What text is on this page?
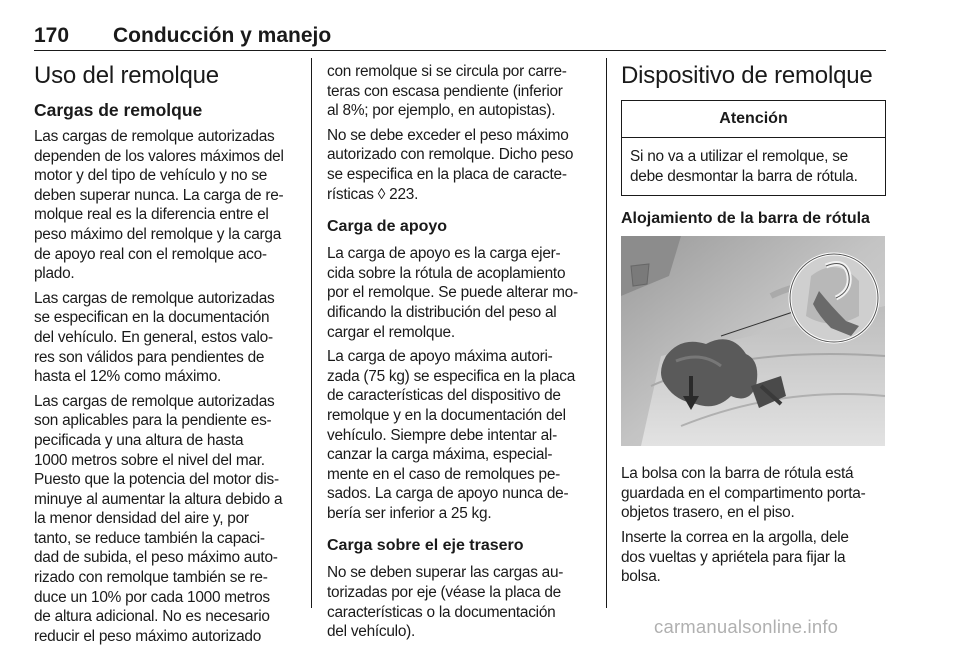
170 Conducción y manejo
Uso del remolque
Cargas de remolque

Las cargas de remolque autorizadas
dependen de los valores máximos del
motor y del tipo de vehículo y no se
deben superar nunca. La carga de re-
molque real es la diferencia entre el
peso máximo del remolque y la carga
de apoyo real con el remolque aco-
plado.

Las cargas de remolque autorizadas
se especifican en la documentación
del vehículo. En general, estos valo-
res son válidos para pendientes de
hasta el 12% como máximo.

Las cargas de remolque autorizadas
son aplicables para la pendiente es-
pecificada y una altura de hasta
1000 metros sobre el nivel del mar.
Puesto que la potencia del motor dis-
minuye al aumentar la altura debido a
la menor densidad del aire y, por
tanto, se reduce también la capaci-
dad de subida, el peso máximo auto-
rizado con remolque también se re-
duce un 10% por cada 1000 metros
de altura adicional. No es necesario
reducir el peso máximo autorizado

con remolque si se circula por carre-
teras con escasa pendiente (inferior
al 8%; por ejemplo, en autopistas).

No se debe exceder el peso máximo
autorizado con remolque. Dicho peso
se especifica en la placa de caracte-
rísticas ◊ 223.

Carga de apoyo

La carga de apoyo es la carga ejer-
cida sobre la rótula de acoplamiento
por el remolque. Se puede alterar mo-
dificando la distribución del peso al
cargar el remolque.

La carga de apoyo máxima autori-
zada (75 kg) se especifica en la placa
de características del dispositivo de
remolque y en la documentación del
vehículo. Siempre debe intentar al-
canzar la carga máxima, especial-
mente en el caso de remolques pe-
sados. La carga de apoyo nunca de-
bería ser inferior a 25 kg.

Carga sobre el eje trasero

No se deben superar las cargas au-
torizadas por eje (véase la placa de
características o la documentación
del vehículo).

Dispositivo de remolque
Atención
Si no va a utilizar el remolque, se
debe desmontar la barra de rótula.
Alojamiento de la barra de rótula

La bolsa con la barra de rótula está
guardada en el compartimento porta-
objetos trasero, en el piso.

Inserte la correa en la argolla, dele
dos vueltas y apriétela para fijar la
bolsa.

carmanualsonline.info
